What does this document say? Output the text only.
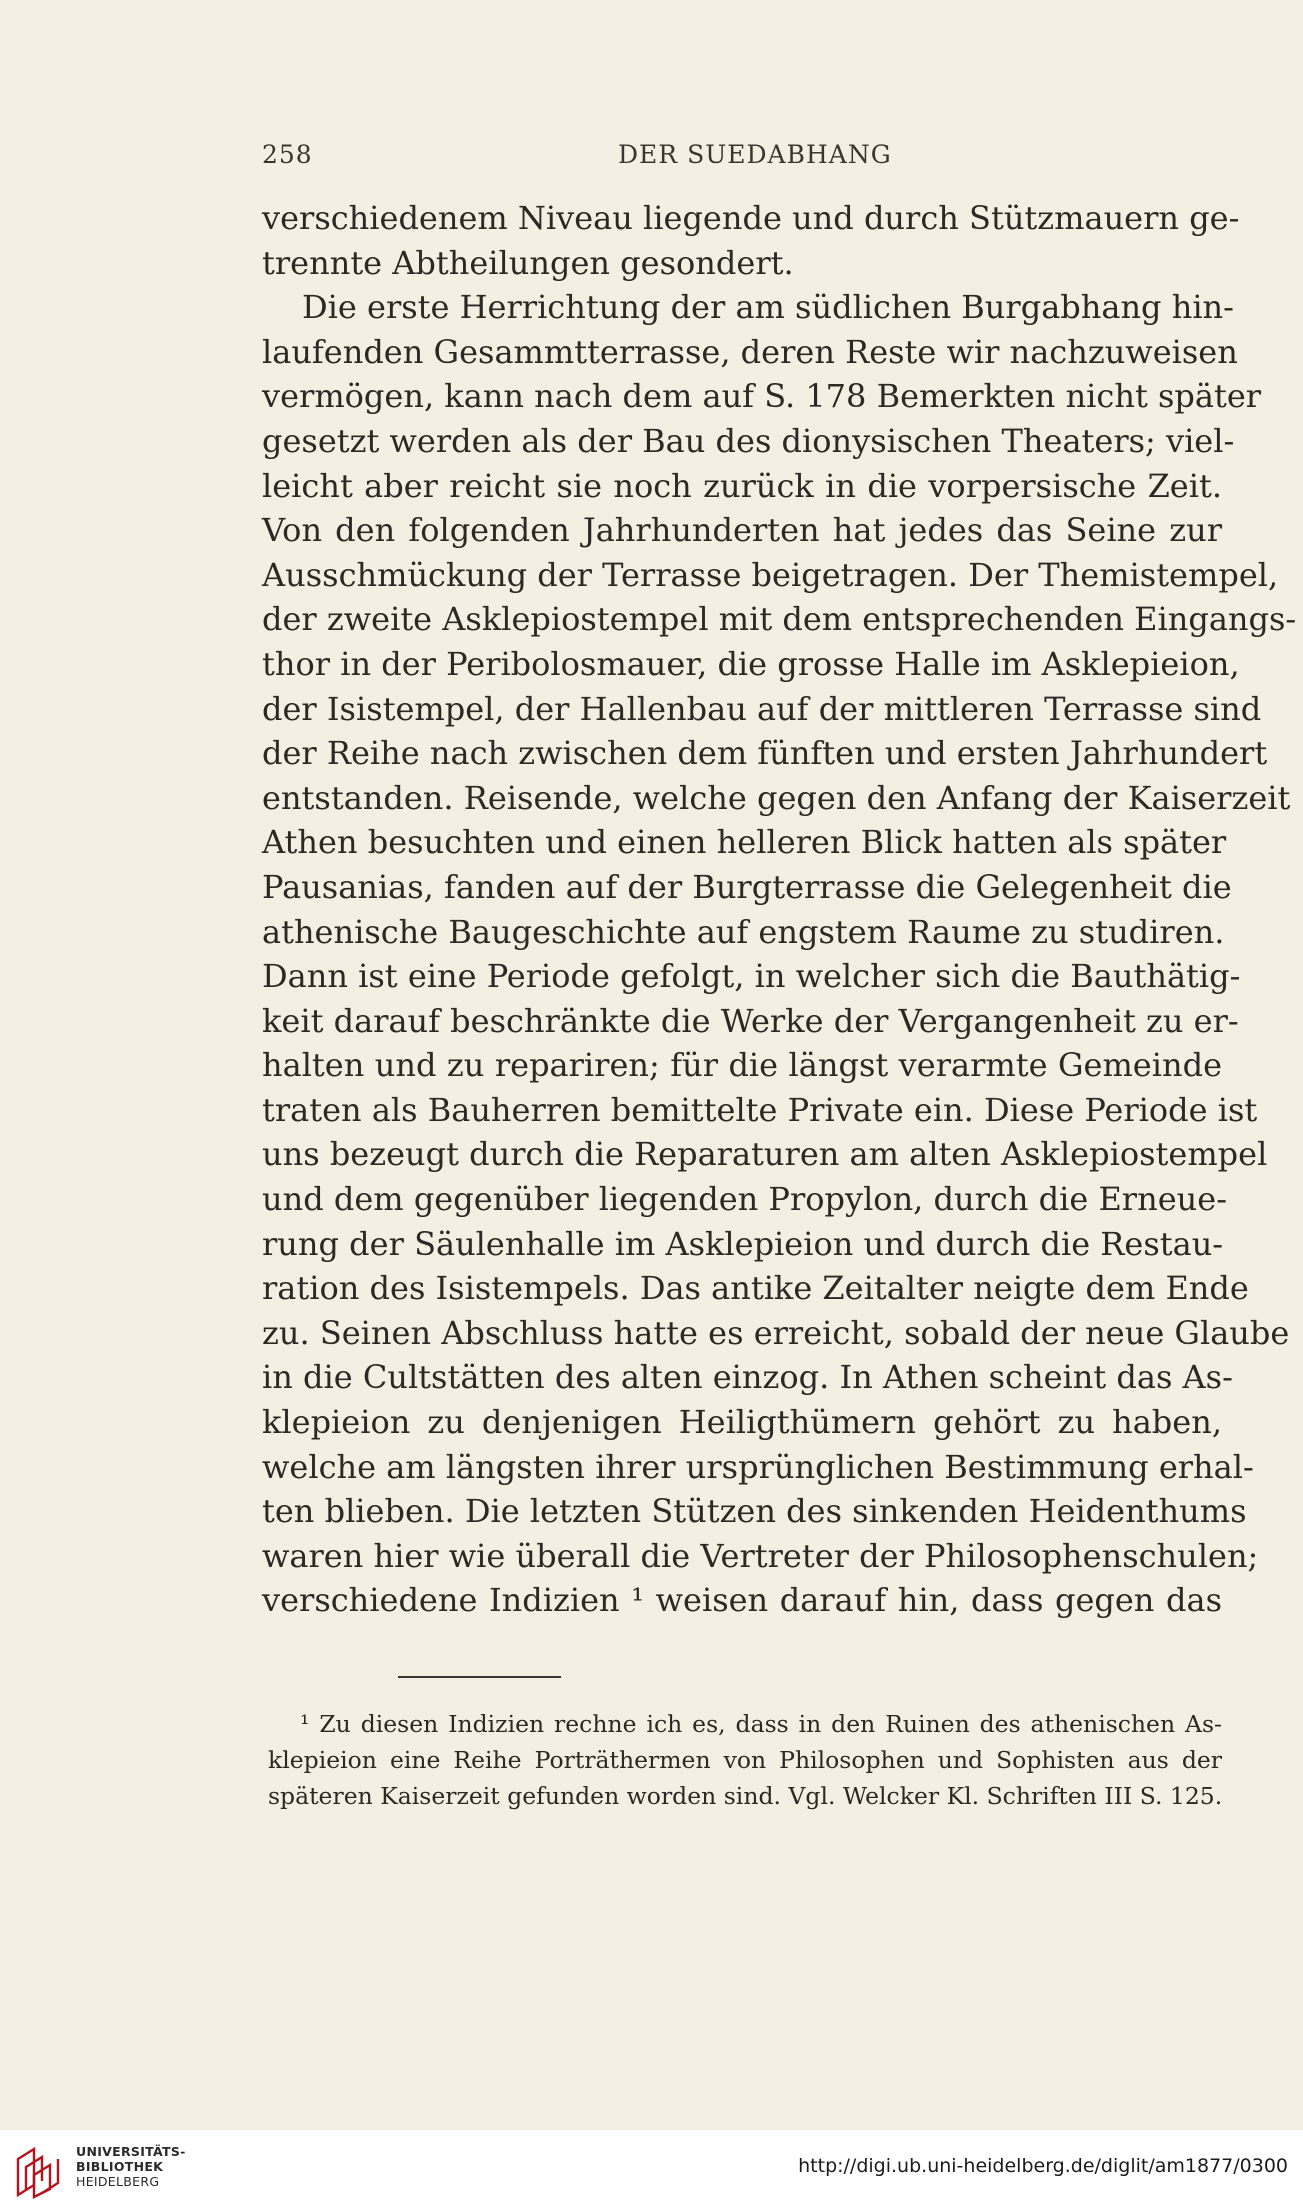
258	DER SUEDABHANG
verschiedenem Niveau liegende und durch Stützmauern ge-
trennte Abtheilungen gesondert.
Die erste Herrichtung der am südlichen Burgabhang hin-
laufenden Gesammtterrasse, deren Reste wir nachzuweisen
vermögen, kann nach dem auf S. 178 Bemerkten nicht später
gesetzt werden als der Bau des dionysischen Theaters; viel-
leicht aber reicht sie noch zurück in die vorpersische Zeit.
Von den folgenden Jahrhunderten hat jedes das Seine zur
Ausschmückung der Terrasse beigetragen. Der Themistempel,
der zweite Asklepiostempel mit dem entsprechenden Eingangs-
thor in der Peribolosmauer, die grosse Halle im Asklepieion,
der Isistempel, der Hallenbau auf der mittleren Terrasse sind
der Reihe nach zwischen dem fünften und ersten Jahrhundert
entstanden. Reisende, welche gegen den Anfang der Kaiserzeit
Athen besuchten und einen helleren Blick hatten als später
Pausanias, fanden auf der Burgterrasse die Gelegenheit die
athenische Baugeschichte auf engstem Raume zu studiren.
Dann ist eine Periode gefolgt, in welcher sich die Bauthätig-
keit darauf beschränkte die Werke der Vergangenheit zu er-
halten und zu repariren; für die längst verarmte Gemeinde
traten als Bauherren bemittelte Private ein. Diese Periode ist
uns bezeugt durch die Reparaturen am alten Asklepiostempel
und dem gegenüber liegenden Propylon, durch die Erneue-
rung der Säulenhalle im Asklepieion und durch die Restau-
ration des Isistempels. Das antike Zeitalter neigte dem Ende
zu. Seinen Abschluss hatte es erreicht, sobald der neue Glaube
in die Cultstätten des alten einzog. In Athen scheint das As-
klepieion zu denjenigen Heiligthümern gehört zu haben,
welche am längsten ihrer ursprünglichen Bestimmung erhal-
ten blieben. Die letzten Stützen des sinkenden Heidenthums
waren hier wie überall die Vertreter der Philosophenschulen;
verschiedene Indizien ¹ weisen darauf hin, dass gegen das
¹ Zu diesen Indizien rechne ich es, dass in den Ruinen des athenischen As-
klepieion eine Reihe Porträthermen von Philosophen und Sophisten aus der
späteren Kaiserzeit gefunden worden sind. Vgl. Welcker Kl. Schriften III S. 125.
UNIVERSITÄTS-
BIBLIOTHEK
HEIDELBERG
http://digi.ub.uni-heidelberg.de/diglit/am1877/0300
